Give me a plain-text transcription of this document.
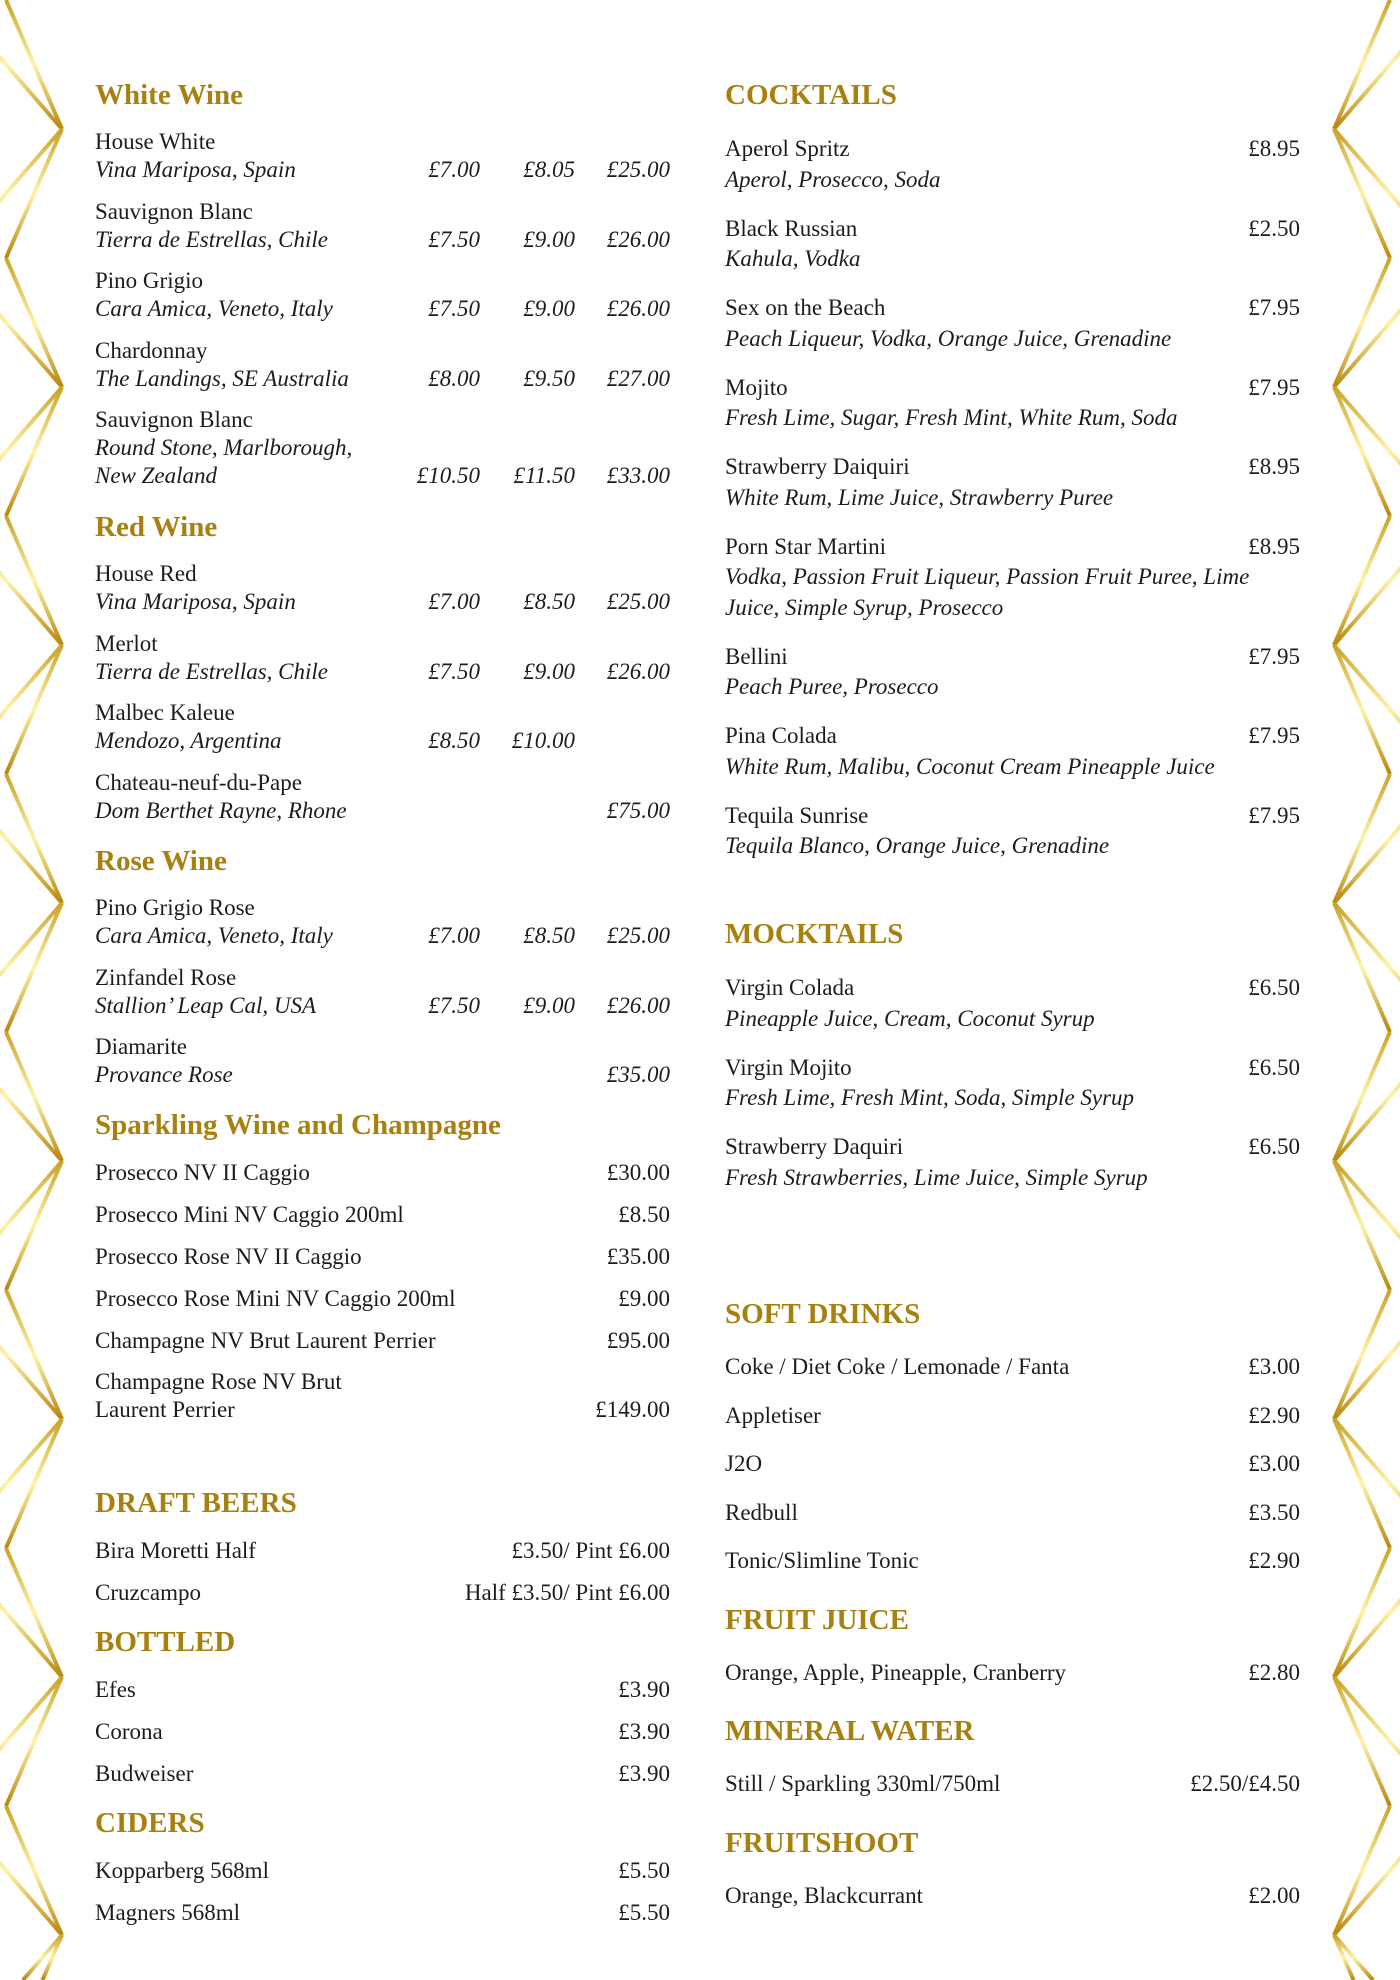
White Wine
House White
Vina Mariposa, Spain	£7.00 £8.05 £25.00
Sauvignon Blanc
Tierra de Estrellas, Chile	£7.50 £9.00 £26.00
Pino Grigio
Cara Amica, Veneto, Italy	£7.50 £9.00 £26.00
Chardonnay
The Landings, SE Australia	£8.00 £9.50 £27.00
Sauvignon Blanc
Round Stone, Marlborough,
New Zealand	£10.50 £11.50 £33.00
Red Wine
House Red
Vina Mariposa, Spain	£7.00 £8.50 £25.00
Merlot
Tierra de Estrellas, Chile	£7.50 £9.00 £26.00
Malbec Kaleue
Mendozo, Argentina	£8.50 £10.00
Chateau-neuf-du-Pape
Dom Berthet Rayne, Rhone	£75.00
Rose Wine
Pino Grigio Rose
Cara Amica, Veneto, Italy	£7.00 £8.50 £25.00
Zinfandel Rose
Stallion’ Leap Cal, USA	£7.50 £9.00 £26.00
Diamarite
Provance Rose	£35.00
Sparkling Wine and Champagne
Prosecco NV II Caggio	£30.00
Prosecco Mini NV Caggio 200ml	£8.50
Prosecco Rose NV II Caggio	£35.00
Prosecco Rose Mini NV Caggio 200ml	£9.00
Champagne NV Brut Laurent Perrier	£95.00
Champagne Rose NV Brut
Laurent Perrier	£149.00
DRAFT BEERS
Bira Moretti Half	£3.50/ Pint £6.00
Cruzcampo	Half £3.50/ Pint £6.00
BOTTLED
Efes	£3.90
Corona	£3.90
Budweiser	£3.90
CIDERS
Kopparberg 568ml	£5.50
Magners 568ml	£5.50
COCKTAILS
Aperol Spritz	£8.95
Aperol, Prosecco, Soda
Black Russian	£2.50
Kahula, Vodka
Sex on the Beach	£7.95
Peach Liqueur, Vodka, Orange Juice, Grenadine
Mojito	£7.95
Fresh Lime, Sugar, Fresh Mint, White Rum, Soda
Strawberry Daiquiri	£8.95
White Rum, Lime Juice, Strawberry Puree
Porn Star Martini	£8.95
Vodka, Passion Fruit Liqueur, Passion Fruit Puree, Lime Juice, Simple Syrup, Prosecco
Bellini	£7.95
Peach Puree, Prosecco
Pina Colada	£7.95
White Rum, Malibu, Coconut Cream Pineapple Juice
Tequila Sunrise	£7.95
Tequila Blanco, Orange Juice, Grenadine
MOCKTAILS
Virgin Colada	£6.50
Pineapple Juice, Cream, Coconut Syrup
Virgin Mojito	£6.50
Fresh Lime, Fresh Mint, Soda, Simple Syrup
Strawberry Daquiri	£6.50
Fresh Strawberries, Lime Juice, Simple Syrup
SOFT DRINKS
Coke / Diet Coke / Lemonade / Fanta	£3.00
Appletiser	£2.90
J2O	£3.00
Redbull	£3.50
Tonic/Slimline Tonic	£2.90
FRUIT JUICE
Orange, Apple, Pineapple, Cranberry	£2.80
MINERAL WATER
Still / Sparkling 330ml/750ml	£2.50/£4.50
FRUITSHOOT
Orange, Blackcurrant	£2.00
